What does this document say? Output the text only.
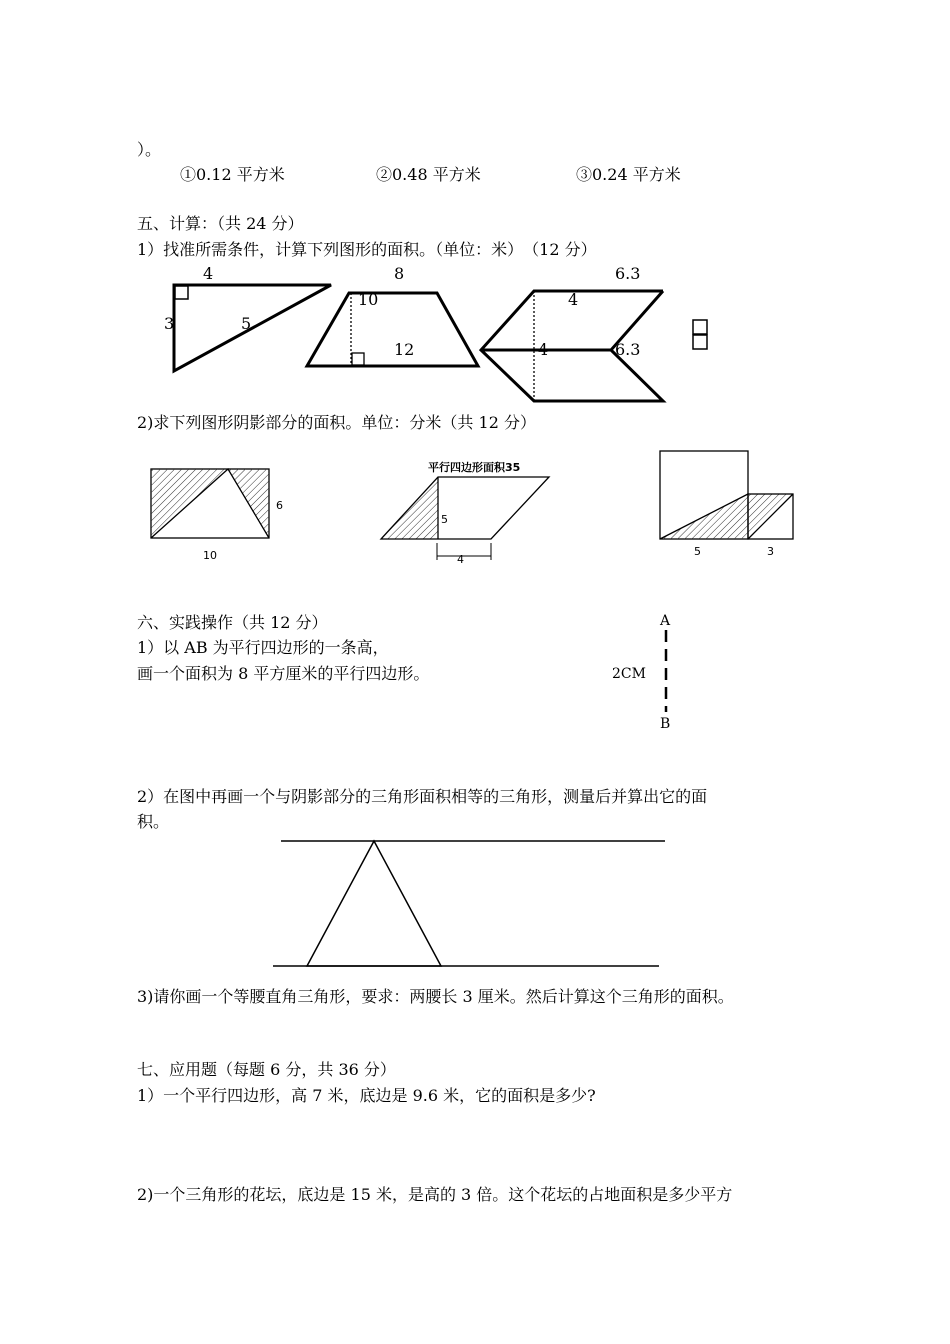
）。
①0.12 平方米	②0.48 平方米	③0.24 平方米
五、计算：（共 24 分）
1）找准所需条件，计算下列图形的面积。（单位：米）　（12 分）
4
3	5
8
10
12
6.3
4
4	6.3
2)求下列图形阴影部分的面积。单位：分米（共 12 分）
10
6
平行四边形面积35
5
4
5	3
六、实践操作（共 12 分）
1）以 AB 为平行四边形的一条高，
画一个面积为 8 平方厘米的平行四边形。
A
2CM
B
2）在图中再画一个与阴影部分的三角形面积相等的三角形，测量后并算出它的面
积。
3)请你画一个等腰直角三角形，要求：两腰长 3 厘米。然后计算这个三角形的面积。
七、应用题（每题 6 分，共 36 分）
1）一个平行四边形，高 7 米，底边是 9.6 米，它的面积是多少?
2)一个三角形的花坛，底边是 15 米，是高的 3 倍。这个花坛的占地面积是多少平方
